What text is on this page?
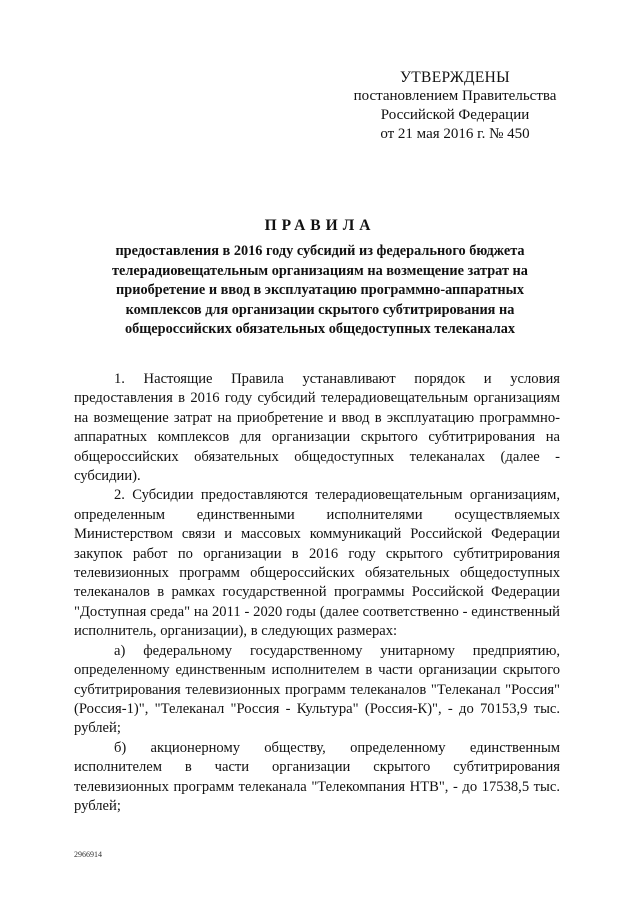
УТВЕРЖДЕНЫ
постановлением Правительства
Российской Федерации
от 21 мая 2016 г. № 450
ПРАВИЛА
предоставления в 2016 году субсидий из федерального бюджета телерадиовещательным организациям на возмещение затрат на приобретение и ввод в эксплуатацию программно-аппаратных комплексов для организации скрытого субтитрирования на общероссийских обязательных общедоступных телеканалах

1. Настоящие Правила устанавливают порядок и условия предоставления в 2016 году субсидий телерадиовещательным организациям на возмещение затрат на приобретение и ввод в эксплуатацию программно-аппаратных комплексов для организации скрытого субтитрирования на общероссийских обязательных общедоступных телеканалах (далее - субсидии).

2. Субсидии предоставляются телерадиовещательным организациям, определенным единственными исполнителями осуществляемых Министерством связи и массовых коммуникаций Российской Федерации закупок работ по организации в 2016 году скрытого субтитрирования телевизионных программ общероссийских обязательных общедоступных телеканалов в рамках государственной программы Российской Федерации "Доступная среда" на 2011 - 2020 годы (далее соответственно - единственный исполнитель, организации), в следующих размерах:

а) федеральному государственному унитарному предприятию, определенному единственным исполнителем в части организации скрытого субтитрирования телевизионных программ телеканалов "Телеканал "Россия" (Россия-1)", "Телеканал "Россия - Культура" (Россия-К)", - до 70153,9 тыс. рублей;

б) акционерному обществу, определенному единственным исполнителем в части организации скрытого субтитрирования телевизионных программ телеканала "Телекомпания НТВ", - до 17538,5 тыс. рублей;

2966914
